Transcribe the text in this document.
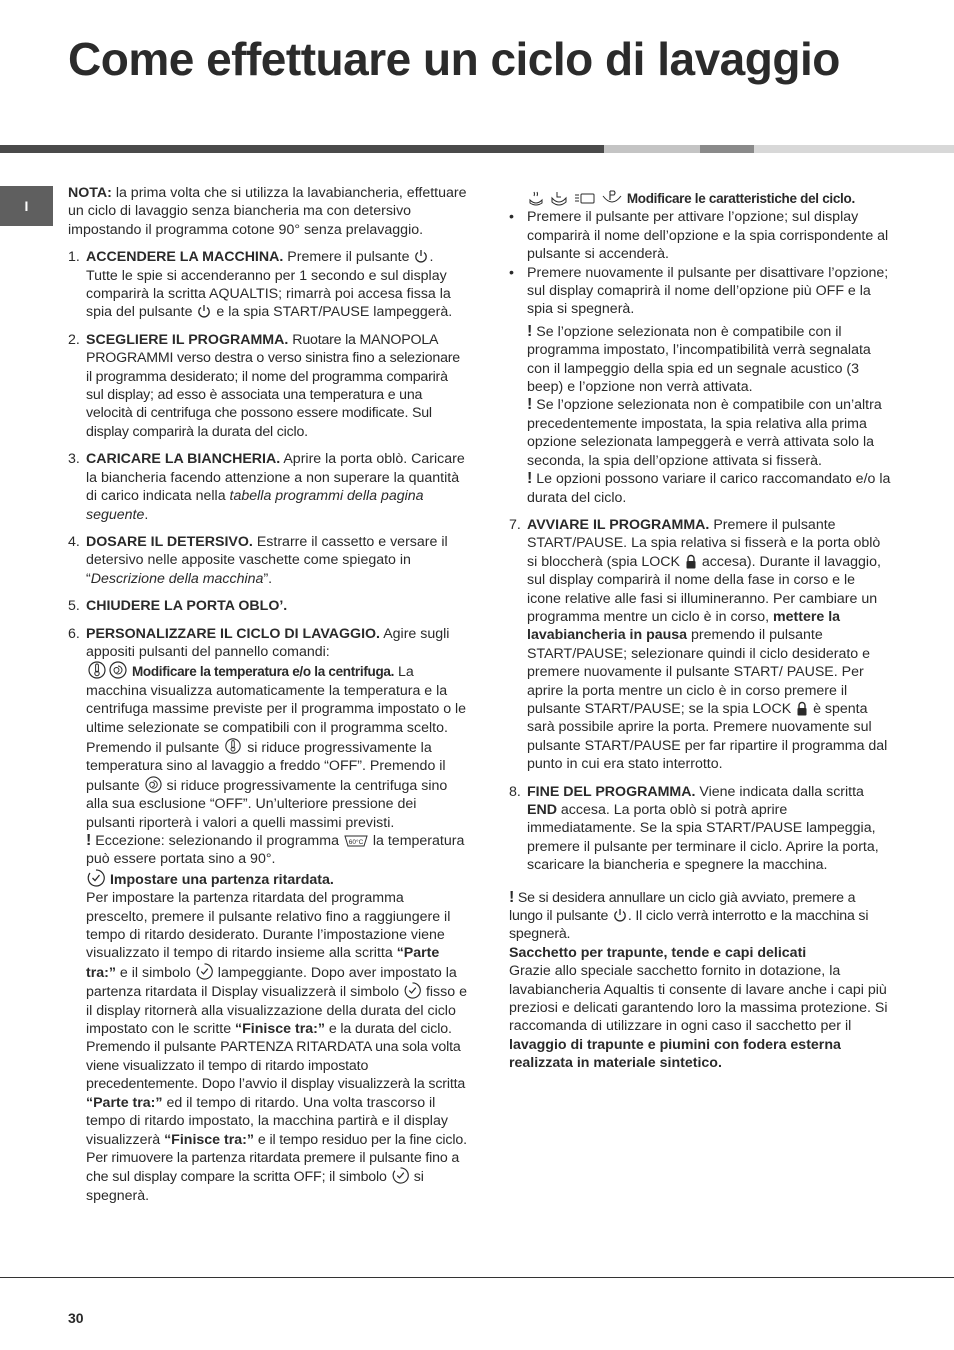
Come effettuare un ciclo di lavaggio
I

NOTA: la prima volta che si utilizza la lavabiancheria, effettuare un ciclo di lavaggio senza biancheria ma con detersivo impostando il programma cotone 90° senza prelavaggio.

1. ACCENDERE LA MACCHINA. Premere il pulsante . Tutte le spie si accenderanno per 1 secondo e sul display comparirà la scritta AQUALTIS; rimarrà poi accesa fissa la spia del pulsante e la spia START/PAUSE lampeggerà.
2. SCEGLIERE IL PROGRAMMA. Ruotare la MANOPOLA PROGRAMMI verso destra o verso sinistra fino a selezionare il programma desiderato; il nome del programma comparirà sul display; ad esso è associata una temperatura e una velocità di centrifuga che possono essere modificate. Sul display comparirà la durata del ciclo.
3. CARICARE LA BIANCHERIA. Aprire la porta oblò. Caricare la biancheria facendo attenzione a non superare la quantità di carico indicata nella tabella programmi della pagina seguente.
4. DOSARE IL DETERSIVO. Estrarre il cassetto e versare il detersivo nelle apposite vaschette come spiegato in “Descrizione della macchina”.
5. CHIUDERE LA PORTA OBLO’.
6. PERSONALIZZARE IL CICLO DI LAVAGGIO. Agire sugli appositi pulsanti del pannello comandi:

Modificare la temperatura e/o la centrifuga. La macchina visualizza automaticamente la temperatura e la centrifuga massime previste per il programma impostato o le ultime selezionate se compatibili con il programma scelto. Premendo il pulsante si riduce progressivamente la temperatura sino al lavaggio a freddo “OFF”. Premendo il pulsante si riduce progressivamente la centrifuga sino alla sua esclusione “OFF”. Un’ulteriore pressione dei pulsanti riporterà i valori a quelli massimi previsti.

! Eccezione: selezionando il programma 60°C la temperatura può essere portata sino a 90°.

Impostare una partenza ritardata.
Per impostare la partenza ritardata del programma prescelto, premere il pulsante relativo fino a raggiungere il tempo di ritardo desiderato. Durante l’impostazione viene visualizzato il tempo di ritardo insieme alla scritta “Parte tra:” e il simbolo lampeggiante. Dopo aver impostato la partenza ritardata il Display visualizzerà il simbolo fisso e il display ritornerà alla visualizzazione della durata del ciclo impostato con le scritte “Finisce tra:” e la durata del ciclo. Premendo il pulsante PARTENZA RITARDATA una sola volta viene visualizzato il tempo di ritardo impostato precedentemente. Dopo l’avvio il display visualizzerà la scritta “Parte tra:” ed il tempo di ritardo. Una volta trascorso il tempo di ritardo impostato, la macchina partirà e il display visualizzerà “Finisce tra:” e il tempo residuo per la fine ciclo. Per rimuovere la partenza ritardata premere il pulsante fino a che sul display compare la scritta OFF; il simbolo si spegnerà.

Modificare le caratteristiche del ciclo.

• Premere il pulsante per attivare l’opzione; sul display comparirà il nome dell’opzione e la spia corrispondente al pulsante si accenderà.

• Premere nuovamente il pulsante per disattivare l’opzione; sul display comaprirà il nome dell’opzione più OFF e la spia si spegnerà.

! Se l’opzione selezionata non è compatibile con il programma impostato, l’incompatibilità verrà segnalata con il lampeggio della spia ed un segnale acustico (3 beep) e l’opzione non verrà attivata.
! Se l’opzione selezionata non è compatibile con un’altra precedentemente impostata, la spia relativa alla prima opzione selezionata lampeggerà e verrà attivata solo la seconda, la spia dell’opzione attivata si fisserà.
! Le opzioni possono variare il carico raccomandato e/o la durata del ciclo.

7. AVVIARE IL PROGRAMMA. Premere il pulsante START/PAUSE. La spia relativa si fisserà e la porta oblò si bloccherà (spia LOCK accesa). Durante il lavaggio, sul display comparirà il nome della fase in corso e le icone relative alle fasi si illumineranno. Per cambiare un programma mentre un ciclo è in corso, mettere la lavabiancheria in pausa premendo il pulsante START/PAUSE; selezionare quindi il ciclo desiderato e premere nuovamente il pulsante START/ PAUSE. Per aprire la porta mentre un ciclo è in corso premere il pulsante START/PAUSE; se la spia LOCK è spenta sarà possibile aprire la porta. Premere nuovamente sul pulsante START/PAUSE per far ripartire il programma dal punto in cui era stato interrotto.
8. FINE DEL PROGRAMMA. Viene indicata dalla scritta END accesa. La porta oblò si potrà aprire immediatamente. Se la spia START/PAUSE lampeggia, premere il pulsante per terminare il ciclo. Aprire la porta, scaricare la biancheria e spegnere la macchina.

! Se si desidera annullare un ciclo già avviato, premere a lungo il pulsante . Il ciclo verrà interrotto e la macchina si spegnerà.

Sacchetto per trapunte, tende e capi delicati

Grazie allo speciale sacchetto fornito in dotazione, la lavabiancheria Aqualtis ti consente di lavare anche i capi più preziosi e delicati garantendo loro la massima protezione. Si raccomanda di utilizzare in ogni caso il sacchetto per il lavaggio di trapunte e piumini con fodera esterna realizzata in materiale sintetico.

30
